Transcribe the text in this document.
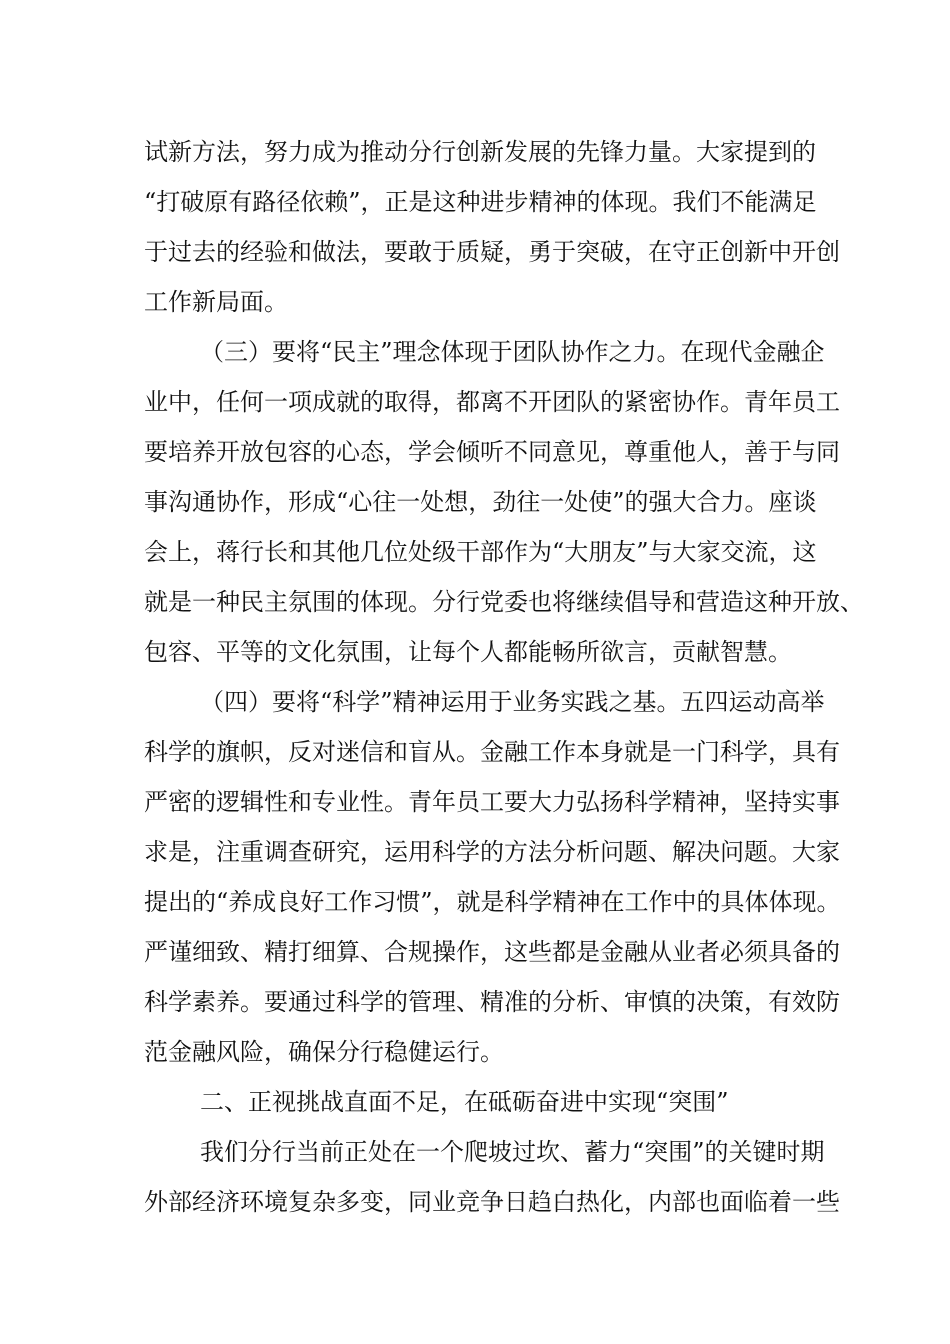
试新方法，努力成为推动分行创新发展的先锋力量。大家提到的

“打破原有路径依赖”，正是这种进步精神的体现。我们不能满足

于过去的经验和做法，要敢于质疑，勇于突破，在守正创新中开创

工作新局面。

（三）要将“民主”理念体现于团队协作之力。在现代金融企

业中，任何一项成就的取得，都离不开团队的紧密协作。青年员工

要培养开放包容的心态，学会倾听不同意见，尊重他人，善于与同

事沟通协作，形成“心往一处想，劲往一处使”的强大合力。座谈

会上，蒋行长和其他几位处级干部作为“大朋友”与大家交流，这

就是一种民主氛围的体现。分行党委也将继续倡导和营造这种开放、

包容、平等的文化氛围，让每个人都能畅所欲言，贡献智慧。

（四）要将“科学”精神运用于业务实践之基。五四运动高举

科学的旗帜，反对迷信和盲从。金融工作本身就是一门科学，具有

严密的逻辑性和专业性。青年员工要大力弘扬科学精神，坚持实事

求是，注重调查研究，运用科学的方法分析问题、解决问题。大家

提出的“养成良好工作习惯”，就是科学精神在工作中的具体体现。

严谨细致、精打细算、合规操作，这些都是金融从业者必须具备的

科学素养。要通过科学的管理、精准的分析、审慎的决策，有效防

范金融风险，确保分行稳健运行。

二、正视挑战直面不足，在砥砺奋进中实现“突围”

我们分行当前正处在一个爬坡过坎、蓄力“突围”的关键时期

外部经济环境复杂多变，同业竞争日趋白热化，内部也面临着一些
